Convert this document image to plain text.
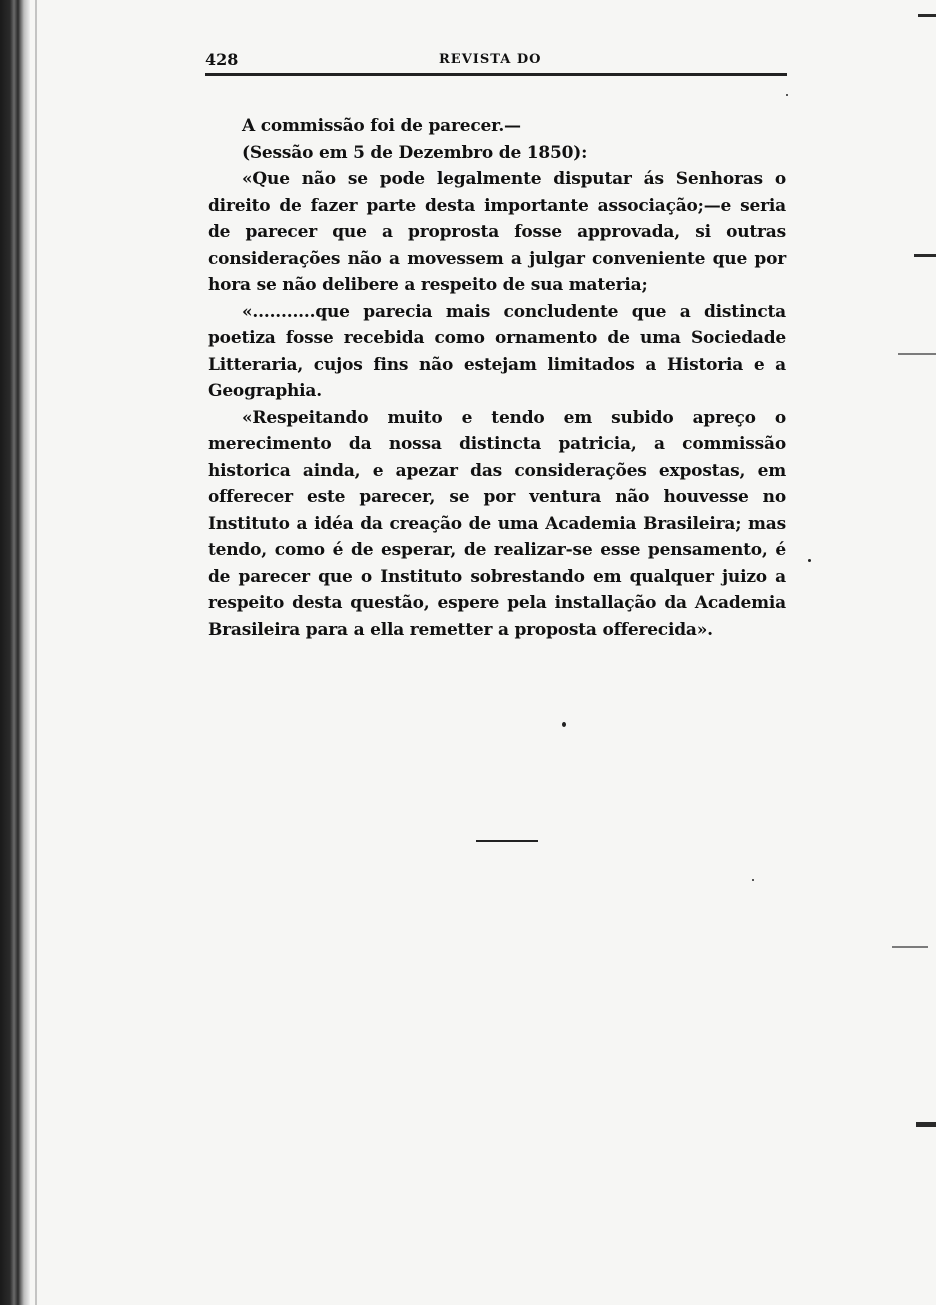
428	REVISTA DO

A commissão foi de parecer.—

(Sessão em 5 de Dezembro de 1850):

«Que não se pode legalmente disputar ás Senhoras o direito de fazer parte desta importante associação;—e seria de parecer que a proprosta fosse approvada, si outras considerações não a movessem a julgar conveniente que por hora se não delibere a respeito de sua materia;

«...........que parecia mais concludente que a distincta poetiza fosse recebida como ornamento de uma Sociedade Litteraria, cujos fins não estejam limitados a Historia e a Geographia.

«Respeitando muito e tendo em subido apreço o merecimento da nossa distincta patricia, a commissão historica ainda, e apezar das considerações expostas, em offerecer este parecer, se por ventura não houvesse no Instituto a idéa da creação de uma Academia Brasileira; mas tendo, como é de esperar, de realizar-se esse pensamento, é de parecer que o Instituto sobrestando em qualquer juizo a respeito desta questão, espere pela installação da Academia Brasileira para a ella remetter a proposta offerecida».
